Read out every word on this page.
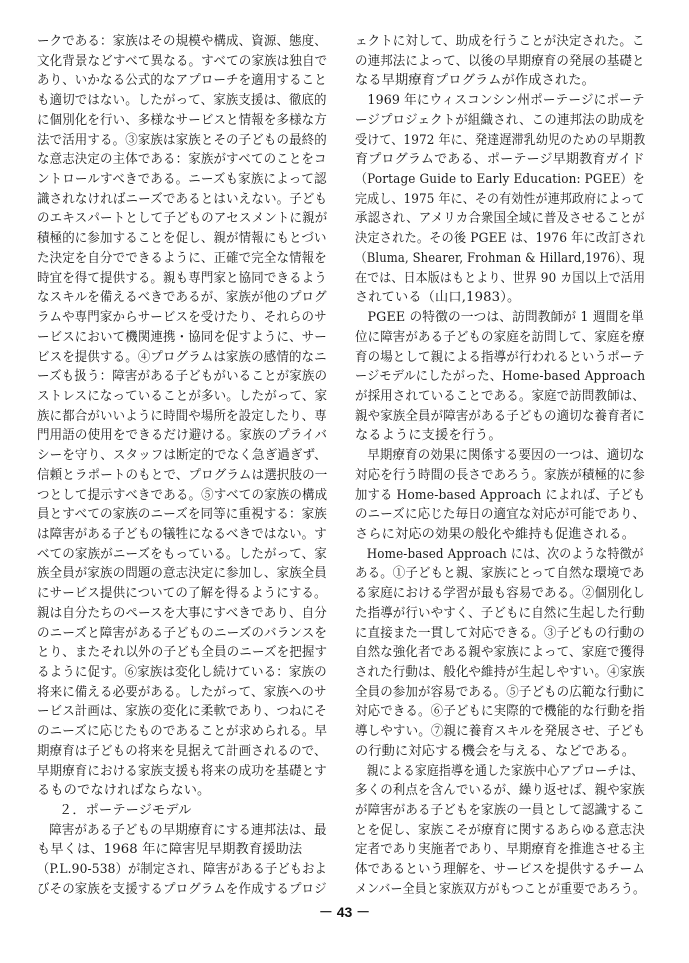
ークである：家族はその規模や構成、資源、態度、
文化背景などすべて異なる。すべての家族は独自で
あり、いかなる公式的なアプローチを適用すること
も適切ではない。したがって、家族支援は、徹底的
に個別化を行い、多様なサービスと情報を多様な方
法で活用する。③家族は家族とその子どもの最終的
な意志決定の主体である：家族がすべてのことをコ
ントロールすべきである。ニーズも家族によって認
識されなければニーズであるとはいえない。子ども
のエキスパートとして子どものアセスメントに親が
積極的に参加することを促し、親が情報にもとづい
た決定を自分でできるように、正確で完全な情報を
時宜を得て提供する。親も専門家と協同できるよう
なスキルを備えるべきであるが、家族が他のプログ
ラムや専門家からサービスを受けたり、それらのサ
ービスにおいて機関連携・協同を促すように、サー
ビスを提供する。④プログラムは家族の感情的なニ
ーズも扱う：障害がある子どもがいることが家族の
ストレスになっていることが多い。したがって、家
族に都合がいいように時間や場所を設定したり、専
門用語の使用をできるだけ避ける。家族のプライバ
シーを守り、スタッフは断定的でなく急ぎ過ぎず、
信頼とラポートのもとで、プログラムは選択肢の一
つとして提示すべきである。⑤すべての家族の構成
員とすべての家族のニーズを同等に重視する：家族
は障害がある子どもの犠牲になるべきではない。す
べての家族がニーズをもっている。したがって、家
族全員が家族の問題の意志決定に参加し、家族全員
にサービス提供についての了解を得るようにする。
親は自分たちのペースを大事にすべきであり、自分
のニーズと障害がある子どものニーズのバランスを
とり、またそれ以外の子ども全員のニーズを把握す
るように促す。⑥家族は変化し続けている：家族の
将来に備える必要がある。したがって、家族へのサ
ービス計画は、家族の変化に柔軟であり、つねにそ
のニーズに応じたものであることが求められる。早
期療育は子どもの将来を見据えて計画されるので、
早期療育における家族支援も将来の成功を基礎とす
るものでなければならない。
２．ポーテージモデル
障害がある子どもの早期療育にする連邦法は、最
も早くは、1968 年に障害児早期教育援助法
（P.L.90-538）が制定され、障害がある子どもおよ
びその家族を支援するプログラムを作成するプロジ
ェクトに対して、助成を行うことが決定された。こ
の連邦法によって、以後の早期療育の発展の基礎と
なる早期療育プログラムが作成された。
1969 年にウィスコンシン州ポーテージにポーテ
ージプロジェクトが組織され、この連邦法の助成を
受けて、1972 年に、発達遅滞乳幼児のための早期教
育プログラムである、ポーテージ早期教育ガイド
（Portage Guide to Early Education: PGEE）を
完成し、1975 年に、その有効性が連邦政府によって
承認され、アメリカ合衆国全域に普及させることが
決定された。その後 PGEE は、1976 年に改訂され
（Bluma, Shearer, Frohman & Hillard,1976）、現
在では、日本版はもとより、世界 90 カ国以上で活用
されている（山口,1983）。
PGEE の特徴の一つは、訪問教師が 1 週間を単
位に障害がある子どもの家庭を訪問して、家庭を療
育の場として親による指導が行われるというポーテ
ージモデルにしたがった、Home-based Approach
が採用されていることである。家庭で訪問教師は、
親や家族全員が障害がある子どもの適切な養育者に
なるように支援を行う。
早期療育の効果に関係する要因の一つは、適切な
対応を行う時間の長さであろう。家族が積極的に参
加する Home-based Approach によれば、子ども
のニーズに応じた毎日の適宜な対応が可能であり、
さらに対応の効果の般化や維持も促進される。
Home-based Approach には、次のような特徴が
ある。①子どもと親、家族にとって自然な環境であ
る家庭における学習が最も容易である。②個別化し
た指導が行いやすく、子どもに自然に生起した行動
に直接また一貫して対応できる。③子どもの行動の
自然な強化者である親や家族によって、家庭で獲得
された行動は、般化や維持が生起しやすい。④家族
全員の参加が容易である。⑤子どもの広範な行動に
対応できる。⑥子どもに実際的で機能的な行動を指
導しやすい。⑦親に養育スキルを発展させ、子ども
の行動に対応する機会を与える、などである。
親による家庭指導を通した家族中心アプローチは、
多くの利点を含んでいるが、繰り返せば、親や家族
が障害がある子どもを家族の一員として認識するこ
とを促し、家族こそが療育に関するあらゆる意志決
定者であり実施者であり、早期療育を推進させる主
体であるという理解を、サービスを提供するチーム
メンバー全員と家族双方がもつことが重要であろう。
－ 43 －
